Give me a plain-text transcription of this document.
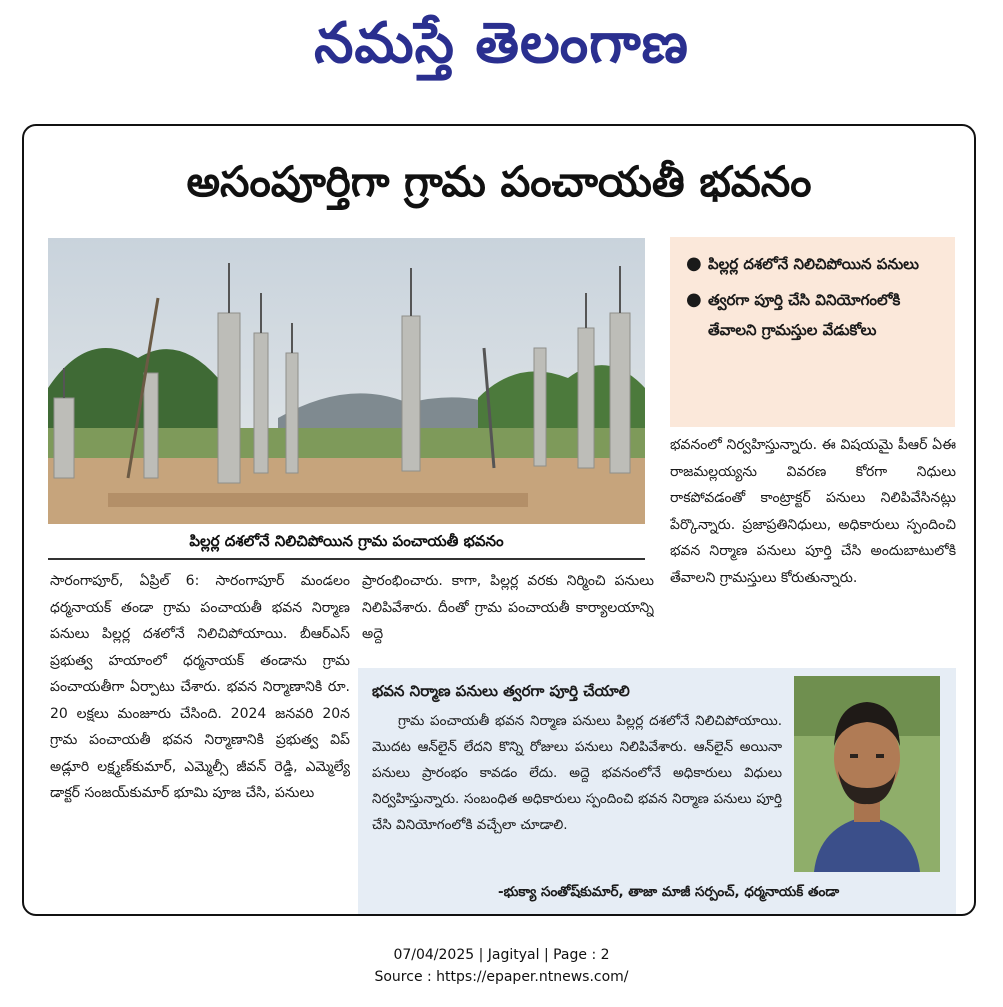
నమస్తే తెలంగాణ
అసంపూర్తిగా గ్రామ పంచాయతీ భవనం
పిల్లర్ల దశలోనే నిలిచిపోయిన గ్రామ పంచాయతీ భవనం
● పిల్లర్ల దశలోనే నిలిచిపోయిన పనులు
● త్వరగా పూర్తి చేసి వినియోగంలోకి తేవాలని గ్రామస్తుల వేడుకోలు

సారంగాపూర్, ఏప్రిల్ 6: సారంగాపూర్ మండలం ధర్మనాయక్ తండా గ్రామ పంచాయతీ భవన నిర్మాణ పనులు పిల్లర్ల దశలోనే నిలిచిపోయాయి. బీఆర్ఎస్ ప్రభుత్వ హయాంలో ధర్మనాయక్ తండాను గ్రామ పంచాయతీగా ఏర్పాటు చేశారు. భవన నిర్మాణానికి రూ. 20 లక్షలు మంజూరు చేసింది. 2024 జనవరి 20న గ్రామ పంచాయతీ భవన నిర్మాణానికి ప్రభుత్వ విప్ అడ్లూరి లక్ష్మణ్‌కుమార్, ఎమ్మెల్సీ జీవన్ రెడ్డి, ఎమ్మెల్యే డాక్టర్ సంజయ్‌కుమార్ భూమి పూజ చేసి, పనులు

ప్రారంభించారు. కాగా, పిల్లర్ల వరకు నిర్మించి పనులు నిలిపివేశారు. దీంతో గ్రామ పంచాయతీ కార్యాలయాన్ని అద్దె

భవనంలో నిర్వహిస్తున్నారు. ఈ విషయమై పీఆర్ ఏఈ రాజమల్లయ్యను వివరణ కోరగా నిధులు రాకపోవడంతో కాంట్రాక్టర్ పనులు నిలిపివేసినట్లు పేర్కొన్నారు. ప్రజాప్రతినిధులు, అధికారులు స్పందించి భవన నిర్మాణ పనులు పూర్తి చేసి అందుబాటులోకి తేవాలని గ్రామస్తులు కోరుతున్నారు.

భవన నిర్మాణ పనులు త్వరగా పూర్తి చేయాలి

గ్రామ పంచాయతీ భవన నిర్మాణ పనులు పిల్లర్ల దశలోనే నిలిచిపోయాయి. మొదట ఆన్‌లైన్ లేదని కొన్ని రోజులు పనులు నిలిపివేశారు. ఆన్‌లైన్ అయినా పనులు ప్రారంభం కావడం లేదు. అద్దె భవనంలోనే అధికారులు విధులు నిర్వహిస్తున్నారు. సంబంధిత అధికారులు స్పందించి భవన నిర్మాణ పనులు పూర్తి చేసి వినియోగంలోకి వచ్చేలా చూడాలి.

-భుక్యా సంతోష్‌కుమార్, తాజా మాజీ సర్పంచ్, ధర్మనాయక్ తండా
07/04/2025 | Jagityal | Page : 2
Source : https://epaper.ntnews.com/
